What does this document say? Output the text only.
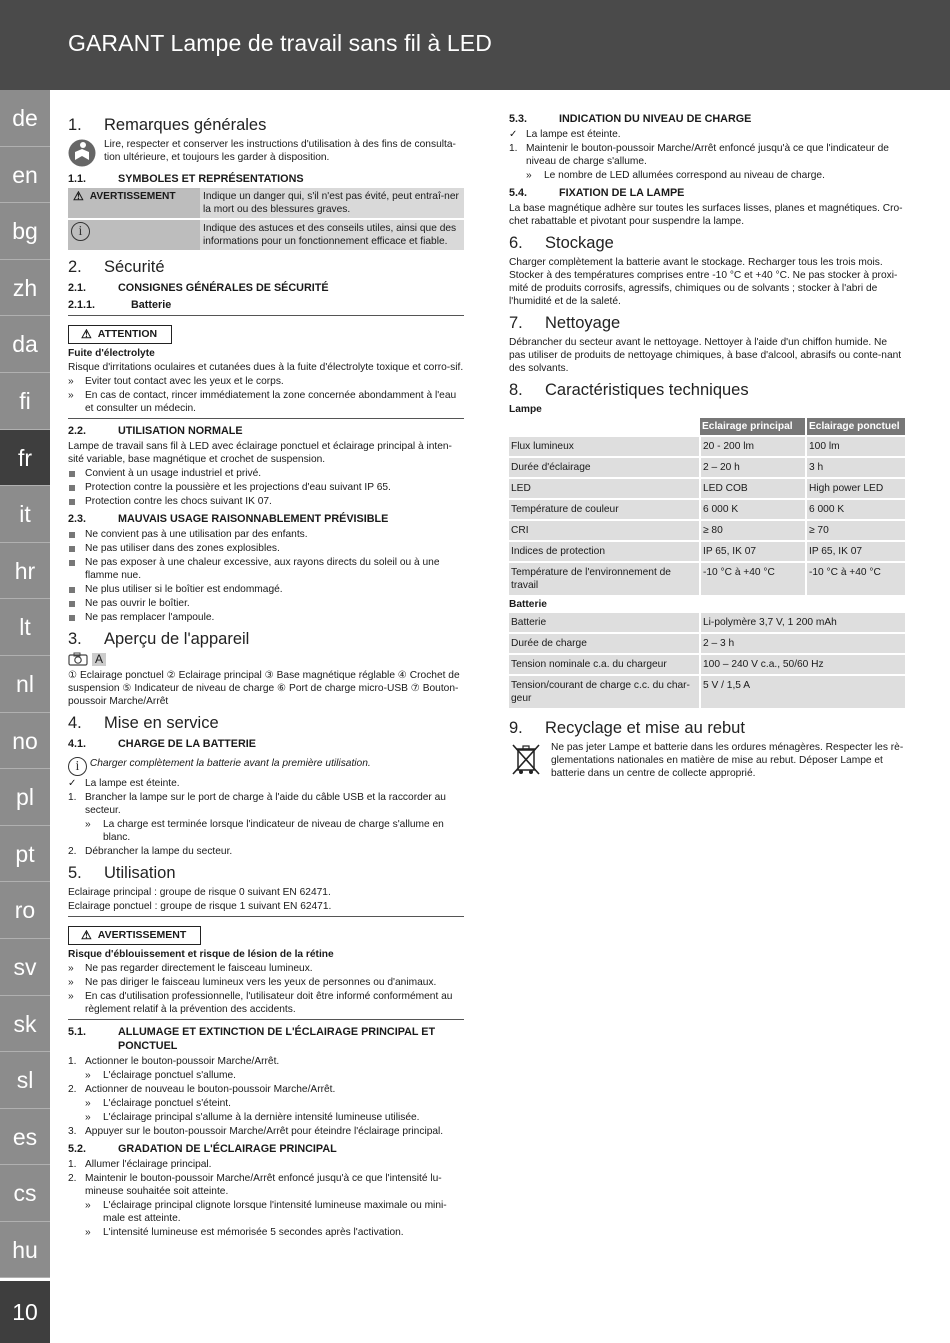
GARANT Lampe de travail sans fil à LED
de
en
bg
zh
da
fi
fr
it
hr
lt
nl
no
pl
pt
ro
sv
sk
sl
es
cs
hu
10
1. Remarques générales

Lire, respecter et conserver les instructions d'utilisation à des fins de consulta-tion ultérieure, et toujours les garder à disposition.

1.1.	SYMBOLES ET REPRÉSENTATIONS
⚠ AVERTISSEMENT	Indique un danger qui, s'il n'est pas évité, peut entraî-ner la mort ou des blessures graves.
i	Indique des astuces et des conseils utiles, ainsi que des informations pour un fonctionnement efficace et fiable.
2. Sécurité
2.1.	CONSIGNES GÉNÉRALES DE SÉCURITÉ
2.1.1.	Batterie
⚠ ATTENTION

Fuite d'électrolyte

Risque d'irritations oculaires et cutanées dues à la fuite d'électrolyte toxique et corro-sif.

» Eviter tout contact avec les yeux et le corps.
» En cas de contact, rincer immédiatement la zone concernée abondamment à l'eau et consulter un médecin.
2.2.	UTILISATION NORMALE

Lampe de travail sans fil à LED avec éclairage ponctuel et éclairage principal à inten-sité variable, base magnétique et crochet de suspension.

Convient à un usage industriel et privé.
Protection contre la poussière et les projections d'eau suivant IP 65.
Protection contre les chocs suivant IK 07.
2.3.	MAUVAIS USAGE RAISONNABLEMENT PRÉVISIBLE
Ne convient pas à une utilisation par des enfants.
Ne pas utiliser dans des zones explosibles.
Ne pas exposer à une chaleur excessive, aux rayons directs du soleil ou à une flamme nue.
Ne plus utiliser si le boîtier est endommagé.
Ne pas ouvrir le boîtier.
Ne pas remplacer l'ampoule.
3. Aperçu de l'appareil
A

① Eclairage ponctuel ② Eclairage principal ③ Base magnétique réglable ④ Crochet de suspension ⑤ Indicateur de niveau de charge ⑥ Port de charge micro-USB ⑦ Bouton-poussoir Marche/Arrêt

4. Mise en service
4.1.	CHARGE DE LA BATTERIE
i Charger complètement la batterie avant la première utilisation.
✓ La lampe est éteinte.
1. Brancher la lampe sur le port de charge à l'aide du câble USB et la raccorder au secteur.
» La charge est terminée lorsque l'indicateur de niveau de charge s'allume en blanc.
2. Débrancher la lampe du secteur.
5. Utilisation

Eclairage principal : groupe de risque 0 suivant EN 62471.

Eclairage ponctuel : groupe de risque 1 suivant EN 62471.

⚠ AVERTISSEMENT

Risque d'éblouissement et risque de lésion de la rétine

» Ne pas regarder directement le faisceau lumineux.
» Ne pas diriger le faisceau lumineux vers les yeux de personnes ou d'animaux.
» En cas d'utilisation professionnelle, l'utilisateur doit être informé conformément au règlement relatif à la prévention des accidents.
5.1.	ALLUMAGE ET EXTINCTION DE L'ÉCLAIRAGE PRINCIPAL ET PONCTUEL
1. Actionner le bouton-poussoir Marche/Arrêt.
» L'éclairage ponctuel s'allume.
2. Actionner de nouveau le bouton-poussoir Marche/Arrêt.
» L'éclairage ponctuel s'éteint.
» L'éclairage principal s'allume à la dernière intensité lumineuse utilisée.
3. Appuyer sur le bouton-poussoir Marche/Arrêt pour éteindre l'éclairage principal.
5.2.	GRADATION DE L'ÉCLAIRAGE PRINCIPAL
1. Allumer l'éclairage principal.
2. Maintenir le bouton-poussoir Marche/Arrêt enfoncé jusqu'à ce que l'intensité lu-mineuse souhaitée soit atteinte.
» L'éclairage principal clignote lorsque l'intensité lumineuse maximale ou mini-male est atteinte.
» L'intensité lumineuse est mémorisée 5 secondes après l'activation.
5.3.	INDICATION DU NIVEAU DE CHARGE
✓ La lampe est éteinte.
1. Maintenir le bouton-poussoir Marche/Arrêt enfoncé jusqu'à ce que l'indicateur de niveau de charge s'allume.
» Le nombre de LED allumées correspond au niveau de charge.
5.4.	FIXATION DE LA LAMPE

La base magnétique adhère sur toutes les surfaces lisses, planes et magnétiques. Cro-chet rabattable et pivotant pour suspendre la lampe.

6. Stockage

Charger complètement la batterie avant le stockage. Recharger tous les trois mois. Stocker à des températures comprises entre -10 °C et +40 °C. Ne pas stocker à proxi-mité de produits corrosifs, agressifs, chimiques ou de solvants ; stocker à l'abri de l'humidité et de la saleté.

7. Nettoyage

Débrancher du secteur avant le nettoyage. Nettoyer à l'aide d'un chiffon humide. Ne pas utiliser de produits de nettoyage chimiques, à base d'alcool, abrasifs ou conte-nant des solvants.

8. Caractéristiques techniques
Lampe
	Eclairage principal	Eclairage ponctuel
Flux lumineux	20 - 200 lm	100 lm
Durée d'éclairage	2 – 20 h	3 h
LED	LED COB	High power LED
Température de couleur	6 000 K	6 000 K
CRI	≥ 80	≥ 70
Indices de protection	IP 65, IK 07	IP 65, IK 07
Température de l'environnement de travail	-10 °C à +40 °C	-10 °C à +40 °C
Batterie
Batterie	Li-polymère 3,7 V, 1 200 mAh
Durée de charge	2 – 3 h
Tension nominale c.a. du chargeur	100 – 240 V c.a., 50/60 Hz
Tension/courant de charge c.c. du char-geur	5 V / 1,5 A
9. Recyclage et mise au rebut

Ne pas jeter Lampe et batterie dans les ordures ménagères. Respecter les rè-glementations nationales en matière de mise au rebut. Déposer Lampe et batterie dans un centre de collecte approprié.
